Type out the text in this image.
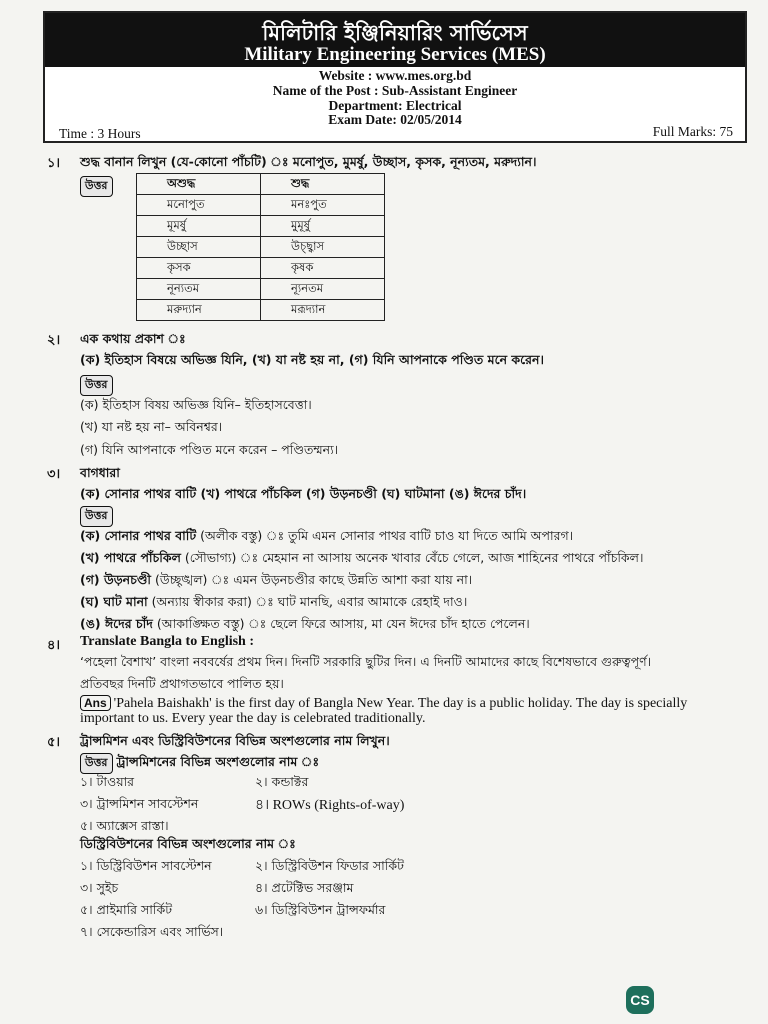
মিলিটারি ইঞ্জিনিয়ারিং সার্ভিসেস
Military Engineering Services (MES)
Website : www.mes.org.bd
Name of the Post : Sub-Assistant Engineer
Department: Electrical
Exam Date: 02/05/2014
Time : 3 Hours	Full Marks: 75
১। শুদ্ধ বানান লিখুন (যে-কোনো পাঁচটি) ঃ মনোপুত, মুমর্ষু, উচ্ছাস, কৃসক, নূন্যতম, মরুদ্যান।
উত্তর	অশুদ্ধ	শুদ্ধ
মনোপুত	মনঃপুত
মূমর্ষু	মুমূর্ষু
উচ্ছাস	উচ্ছ্বাস
কৃসক	কৃষক
নূন্যতম	ন্যূনতম
মরুদ্যান	মরূদ্যান
২। এক কথায় প্রকাশ ঃ
(ক) ইতিহাস বিষয়ে অভিজ্ঞ যিনি, (খ) যা নষ্ট হয় না, (গ) যিনি আপনাকে পণ্ডিত মনে করেন।
উত্তর
(ক) ইতিহাস বিষয় অভিজ্ঞ যিনি– ইতিহাসবেত্তা।
(খ) যা নষ্ট হয় না– অবিনশ্বর।
(গ) যিনি আপনাকে পণ্ডিত মনে করেন – পণ্ডিতম্মন্য।
৩। বাগধারা
(ক) সোনার পাথর বাটি (খ) পাথরে পাঁচকিল (গ) উড়নচণ্ডী (ঘ) ঘাটমানা (ঙ) ঈদের চাঁদ।
উত্তর
(ক) সোনার পাথর বাটি (অলীক বস্তু) ঃ তুমি এমন সোনার পাথর বাটি চাও যা দিতে আমি অপারগ।
(খ) পাথরে পাঁচকিল (সৌভাগ্য) ঃ মেহমান না আসায় অনেক খাবার বেঁচে গেলে, আজ শাহিনের পাথরে পাঁচকিল।
(গ) উড়নচণ্ডী (উচ্ছৃঙ্খল) ঃ এমন উড়নচণ্ডীর কাছে উন্নতি আশা করা যায় না।
(ঘ) ঘাট মানা (অন্যায় স্বীকার করা) ঃ ঘাট মানছি, এবার আমাকে রেহাই দাও।
(ঙ) ঈদের চাঁদ (আকাঙ্ক্ষিত বস্তু) ঃ ছেলে ফিরে আসায়, মা যেন ঈদের চাঁদ হাতে পেলেন।
৪। Translate Bangla to English :
‘পহেলা বৈশাখ’ বাংলা নববর্ষের প্রথম দিন। দিনটি সরকারি ছুটির দিন। এ দিনটি আমাদের কাছে বিশেষভাবে গুরুত্বপূর্ণ।
প্রতিবছর দিনটি প্রথাগতভাবে পালিত হয়।
Ans 'Pahela Baishakh' is the first day of Bangla New Year. The day is a public holiday. The day is specially
important to us. Every year the day is celebrated traditionally.
৫। ট্রান্সমিশন এবং ডিস্ট্রিবিউশনের বিভিন্ন অংশগুলোর নাম লিখুন।
উত্তর ট্রান্সমিশনের বিভিন্ন অংশগুলোর নাম ঃ
১। টাওয়ার	২। কন্ডাক্টর
৩। ট্রান্সমিশন সাবস্টেশন	৪। ROWs (Rights-of-way)
৫। অ্যাক্সেস রাস্তা।
ডিস্ট্রিবিউশনের বিভিন্ন অংশগুলোর নাম ঃ
১। ডিস্ট্রিবিউশন সাবস্টেশন	২। ডিস্ট্রিবিউশন ফিডার সার্কিট
৩। সুইচ	৪। প্রটেক্টিভ সরঞ্জাম
৫। প্রাইমারি সার্কিট	৬। ডিস্ট্রিবিউশন ট্রান্সফর্মার
৭। সেকেন্ডারিস এবং সার্ভিস।
CS
